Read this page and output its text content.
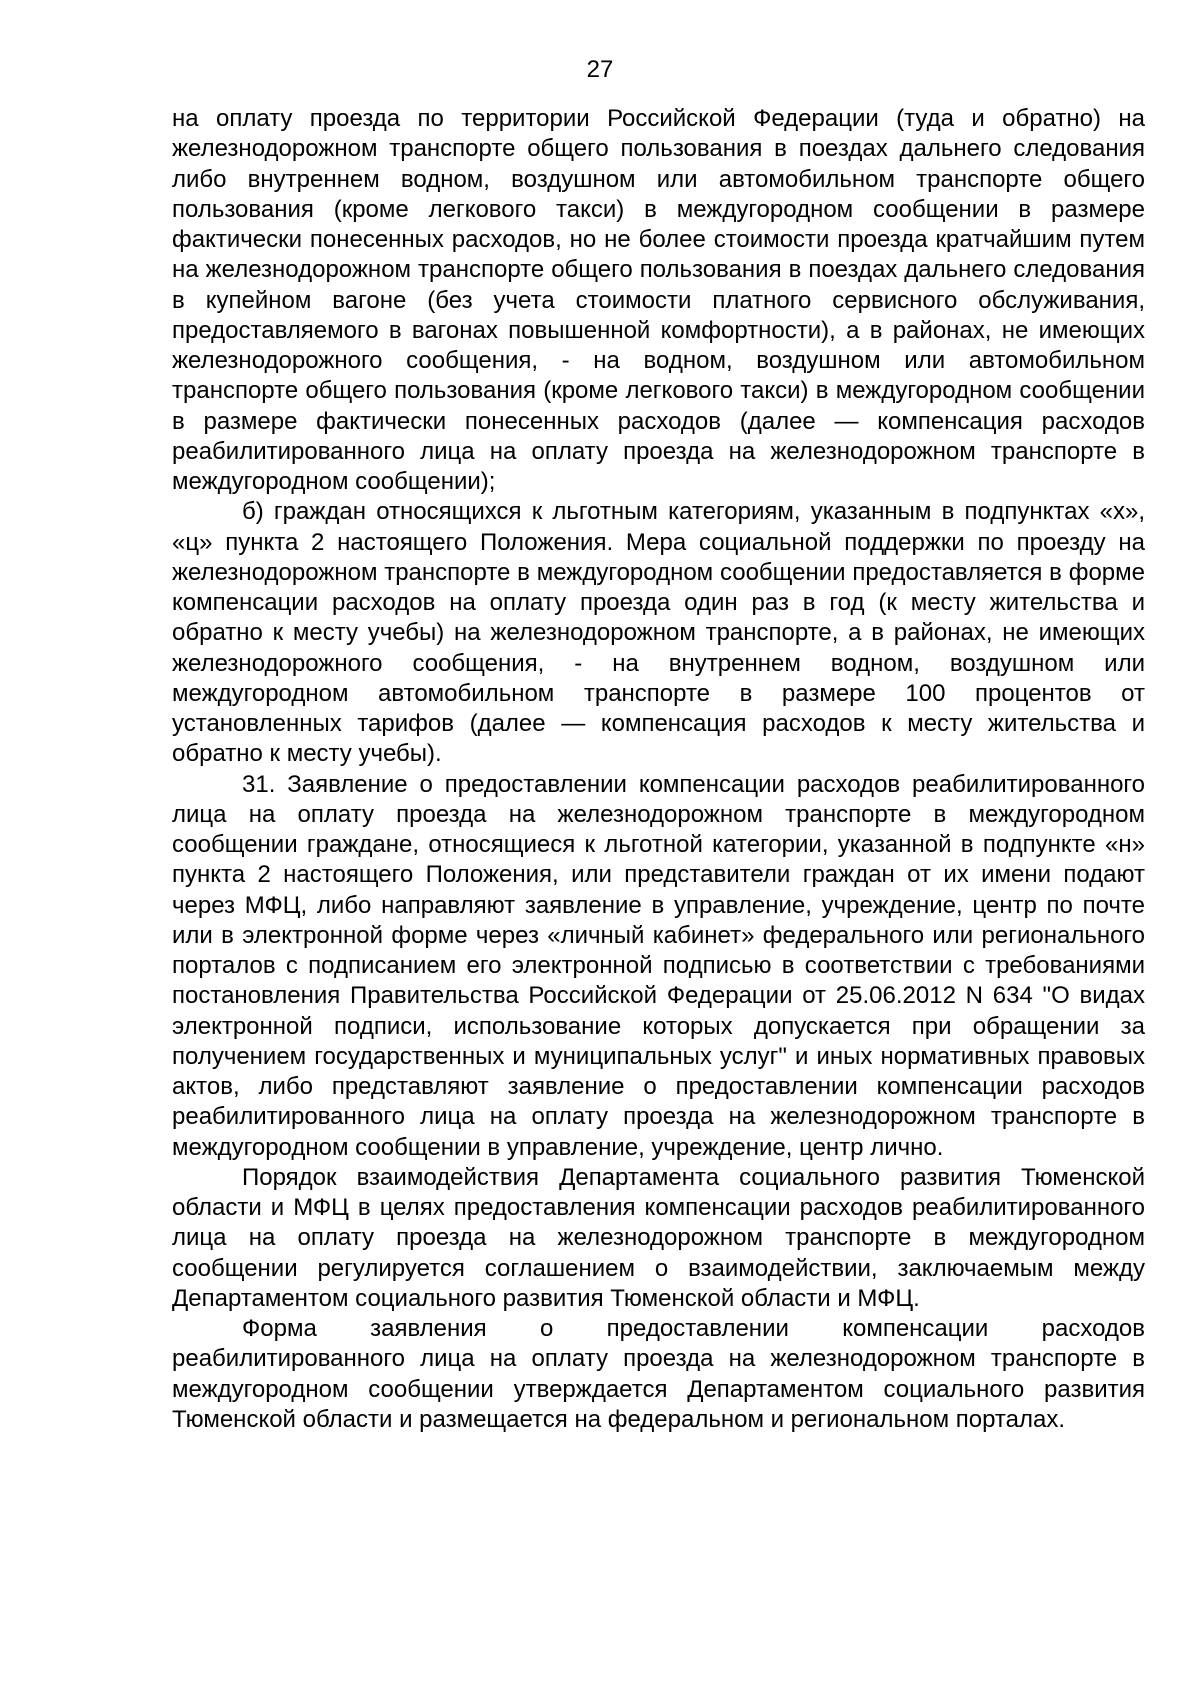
27

на оплату проезда по территории Российской Федерации (туда и обратно) на железнодорожном транспорте общего пользования в поездах дальнего следования либо внутреннем водном, воздушном или автомобильном транспорте общего пользования (кроме легкового такси) в междугородном сообщении в размере фактически понесенных расходов, но не более стоимости проезда кратчайшим путем на железнодорожном транспорте общего пользования в поездах дальнего следования в купейном вагоне (без учета стоимости платного сервисного обслуживания, предоставляемого в вагонах повышенной комфортности), а в районах, не имеющих железнодорожного сообщения, - на водном, воздушном или автомобильном транспорте общего пользования (кроме легкового такси) в междугородном сообщении в размере фактически понесенных расходов (далее — компенсация расходов реабилитированного лица на оплату проезда на железнодорожном транспорте в междугородном сообщении);

б) граждан относящихся к льготным категориям, указанным в подпунктах «х», «ц» пункта 2 настоящего Положения. Мера социальной поддержки по проезду на железнодорожном транспорте в междугородном сообщении предоставляется в форме компенсации расходов на оплату проезда один раз в год (к месту жительства и обратно к месту учебы) на железнодорожном транспорте, а в районах, не имеющих железнодорожного сообщения, - на внутреннем водном, воздушном или междугородном автомобильном транспорте в размере 100 процентов от установленных тарифов (далее — компенсация расходов к месту жительства и обратно к месту учебы).

31. Заявление о предоставлении компенсации расходов реабилитированного лица на оплату проезда на железнодорожном транспорте в междугородном сообщении граждане, относящиеся к льготной категории, указанной в подпункте «н» пункта 2 настоящего Положения, или представители граждан от их имени подают через МФЦ, либо направляют заявление в управление, учреждение, центр по почте или в электронной форме через «личный кабинет» федерального или регионального порталов с подписанием его электронной подписью в соответствии с требованиями постановления Правительства Российской Федерации от 25.06.2012 N 634 "О видах электронной подписи, использование которых допускается при обращении за получением государственных и муниципальных услуг" и иных нормативных правовых актов, либо представляют заявление о предоставлении компенсации расходов реабилитированного лица на оплату проезда на железнодорожном транспорте в междугородном сообщении в управление, учреждение, центр лично.

Порядок взаимодействия Департамента социального развития Тюменской области и МФЦ в целях предоставления компенсации расходов реабилитированного лица на оплату проезда на железнодорожном транспорте в междугородном сообщении регулируется соглашением о взаимодействии, заключаемым между Департаментом социального развития Тюменской области и МФЦ.

Форма заявления о предоставлении компенсации расходов реабилитированного лица на оплату проезда на железнодорожном транспорте в междугородном сообщении утверждается Департаментом социального развития Тюменской области и размещается на федеральном и региональном порталах.
